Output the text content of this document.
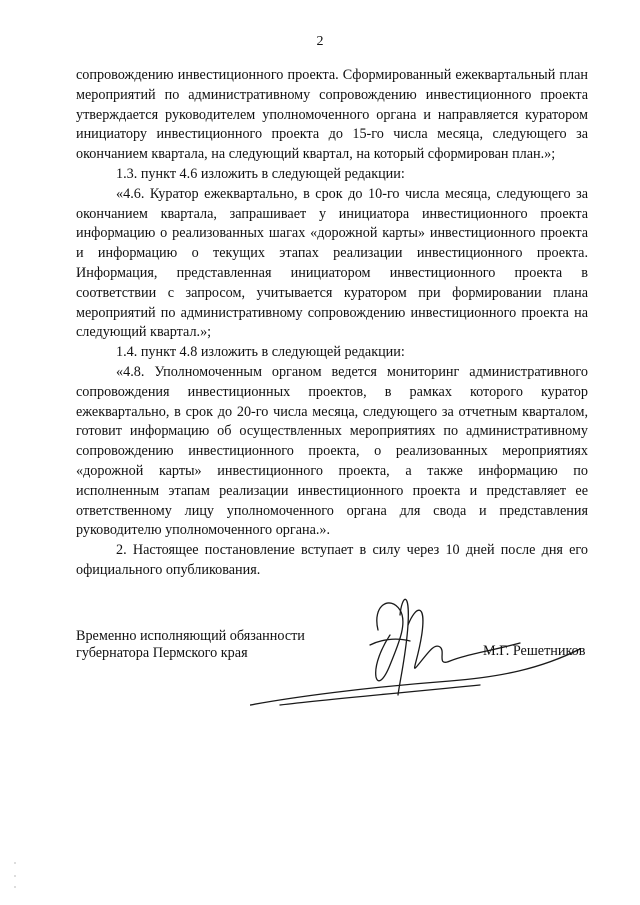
2

сопровождению инвестиционного проекта. Сформированный ежеквартальный план мероприятий по административному сопровождению инвестиционного проекта утверждается руководителем уполномоченного органа и направляется куратором инициатору инвестиционного проекта до 15-го числа месяца, следующего за окончанием квартала, на следующий квартал, на который сформирован план.»;

1.3. пункт 4.6 изложить в следующей редакции:

«4.6. Куратор ежеквартально, в срок до 10-го числа месяца, следующего за окончанием квартала, запрашивает у инициатора инвестиционного проекта информацию о реализованных шагах «дорожной карты» инвестиционного проекта и информацию о текущих этапах реализации инвестиционного проекта. Информация, представленная инициатором инвестиционного проекта в соответствии с запросом, учитывается куратором при формировании плана мероприятий по административному сопровождению инвестиционного проекта на следующий квартал.»;

1.4. пункт 4.8 изложить в следующей редакции:

«4.8. Уполномоченным органом ведется мониторинг административного сопровождения инвестиционных проектов, в рамках которого куратор ежеквартально, в срок до 20-го числа месяца, следующего за отчетным кварталом, готовит информацию об осуществленных мероприятиях по административному сопровождению инвестиционного проекта, о реализованных мероприятиях «дорожной карты» инвестиционного проекта, а также информацию по исполненным этапам реализации инвестиционного проекта и представляет ее ответственному лицу уполномоченного органа для свода и представления руководителю уполномоченного органа.».

2. Настоящее постановление вступает в силу через 10 дней после дня его официального опубликования.

Временно исполняющий обязанности
губернатора Пермского края	М.Г. Решетников
